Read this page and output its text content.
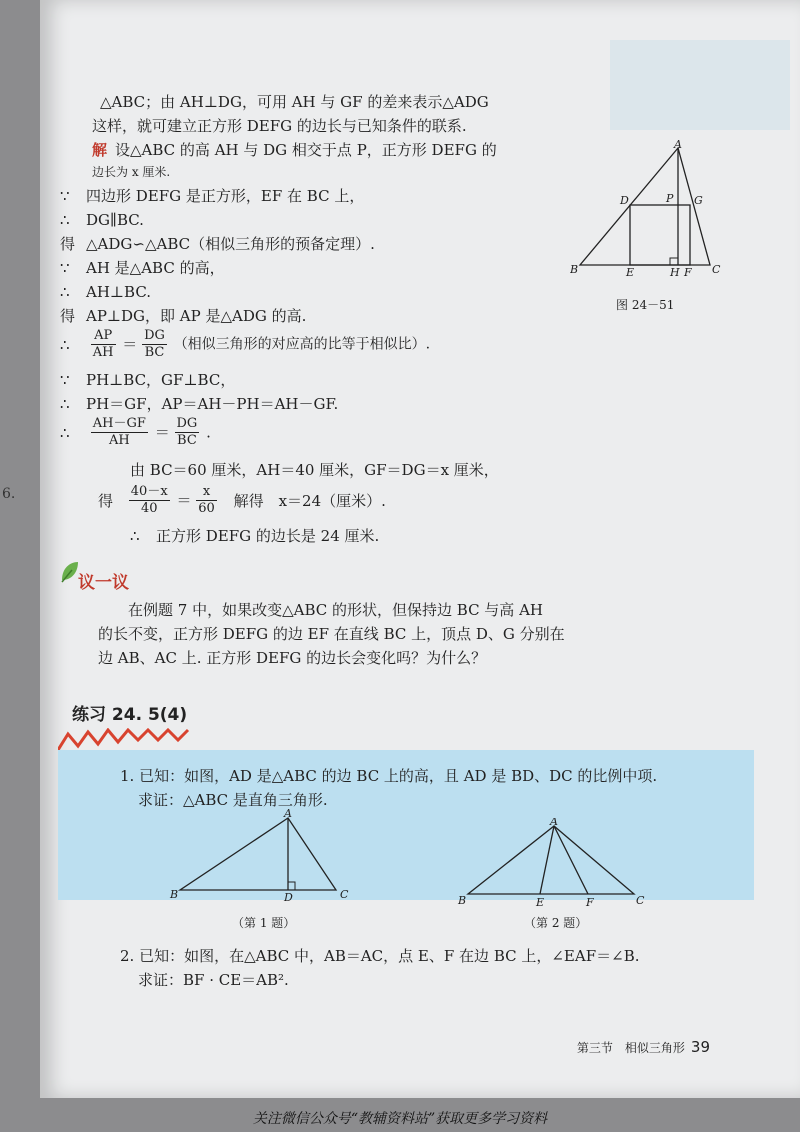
6.
△ABC；由 AH⊥DG，可用 AH 与 GF 的差来表示△ADG
这样，就可建立正方形 DEFG 的边长与已知条件的联系.
解 设△ABC 的高 AH 与 DG 相交于点 P，正方形 DEFG 的
边长为 x 厘米.
∵ 四边形 DEFG 是正方形，EF 在 BC 上，
∴ DG∥BC.
得 △ADG∽△ABC（相似三角形的预备定理）.
∵ AH 是△ABC 的高，
∴ AH⊥BC.
得 AP⊥DG，即 AP 是△ADG 的高.
∴ $\frac{AP}{AH} = \frac{DG}{BC}$ （相似三角形的对应高的比等于相似比）.
∵ PH⊥BC，GF⊥BC，
∴ PH＝GF，AP＝AH－PH＝AH－GF.
∴ $\frac{AH-GF}{AH} = \frac{DG}{BC}$ .
由 BC＝60 厘米，AH＝40 厘米，GF＝DG＝x 厘米，
得 $\frac{40-x}{40} = \frac{x}{60}$ 解得　x＝24（厘米）.
∴ 正方形 DEFG 的边长是 24 厘米.
A
B	C
D
E	F
G
H
P
图 24－51
议一议
在例题 7 中，如果改变△ABC 的形状，但保持边 BC 与高 AH
的长不变，正方形 DEFG 的边 EF 在直线 BC 上，顶点 D、G 分别在
边 AB、AC 上. 正方形 DEFG 的边长会变化吗？为什么？
练习 24. 5(4)
1. 已知：如图，AD 是△ABC 的边 BC 上的高，且 AD 是 BD、DC 的比例中项.
求证：△ABC 是直角三角形.
A
B	C
D
A
B	C
E	F
（第 1 题）	（第 2 题）
2. 已知：如图，在△ABC 中，AB＝AC，点 E、F 在边 BC 上，∠EAF＝∠B.
求证：BF · CE＝AB².
第三节　相似三角形 39
关注微信公众号“教辅资料站”获取更多学习资料
